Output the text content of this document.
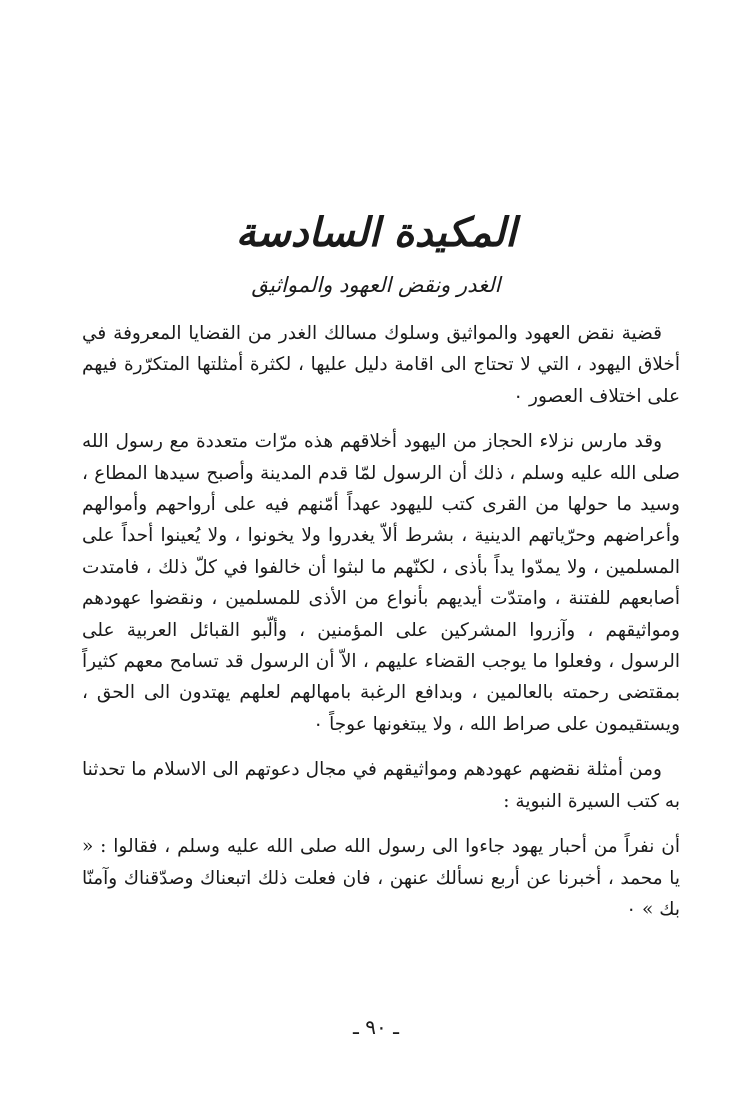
المكيدة السادسة
الغدر ونقض العهود والمواثيق

قضية نقض العهود والمواثيق وسلوك مسالك الغدر من القضايا المعروفة في أخلاق اليهود ، التي لا تحتاج الى اقامة دليل عليها ، لكثرة أمثلتها المتكرّرة فيهم على اختلاف العصور ٠

وقد مارس نزلاء الحجاز من اليهود أخلاقهم هذه مرّات متعددة مع رسول الله صلى الله عليه وسلم ، ذلك أن الرسول لمّا قدم المدينة وأصبح سيدها المطاع ، وسيد ما حولها من القرى كتب لليهود عهداً أمّنهم فيه على أرواحهم وأموالهم وأعراضهم وحرّياتهم الدينية ، بشرط ألاّ يغدروا ولا يخونوا ، ولا يُعينوا أحداً على المسلمين ، ولا يمدّوا يداً بأذى ، لكنّهم ما لبثوا أن خالفوا في كلّ ذلك ، فامتدت أصابعهم للفتنة ، وامتدّت أيديهم بأنواع من الأذى للمسلمين ، ونقضوا عهودهم ومواثيقهم ، وآزروا المشركين على المؤمنين ، وألّبو القبائل العربية على الرسول ، وفعلوا ما يوجب القضاء عليهم ، الاّ أن الرسول قد تسامح معهم كثيراً بمقتضى رحمته بالعالمين ، وبدافع الرغبة بامهالهم لعلهم يهتدون الى الحق ، ويستقيمون على صراط الله ، ولا يبتغونها عوجاً ٠

ومن أمثلة نقضهم عهودهم ومواثيقهم في مجال دعوتهم الى الاسلام ما تحدثنا به كتب السيرة النبوية :

أن نفراً من أحبار يهود جاءوا الى رسول الله صلى الله عليه وسلم ، فقالوا : « يا محمد ، أخبرنا عن أربع نسألك عنهن ، فان فعلت ذلك اتبعناك وصدّقناك وآمنّا بك » ٠

ـ ٩٠ ـ
